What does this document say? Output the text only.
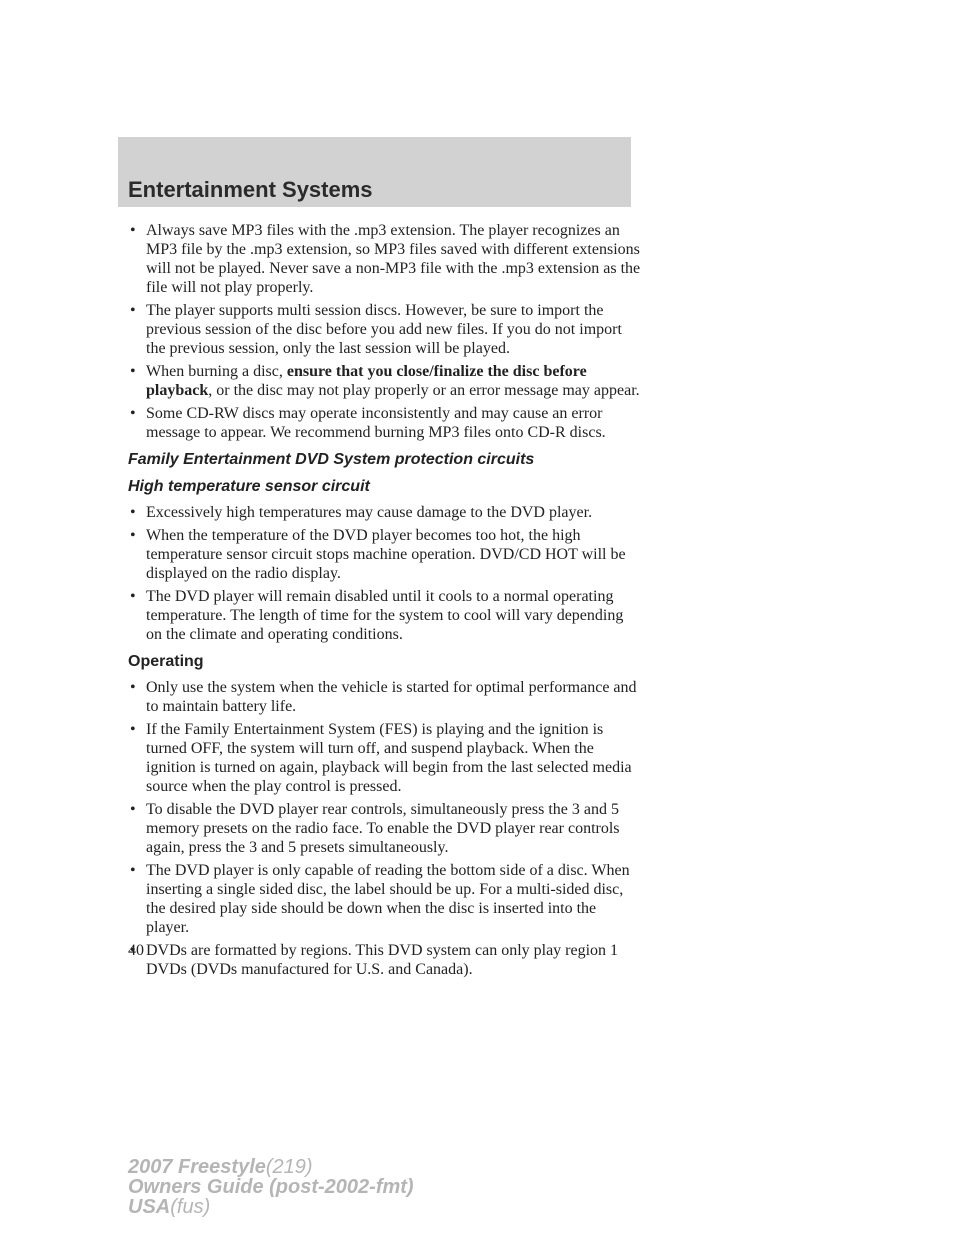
Entertainment Systems
• Always save MP3 files with the .mp3 extension. The player recognizes an MP3 file by the .mp3 extension, so MP3 files saved with different extensions will not be played. Never save a non-MP3 file with the .mp3 extension as the file will not play properly.
• The player supports multi session discs. However, be sure to import the previous session of the disc before you add new files. If you do not import the previous session, only the last session will be played.
• When burning a disc, ensure that you close/finalize the disc before playback, or the disc may not play properly or an error message may appear.
• Some CD-RW discs may operate inconsistently and may cause an error message to appear. We recommend burning MP3 files onto CD-R discs.
Family Entertainment DVD System protection circuits
High temperature sensor circuit
• Excessively high temperatures may cause damage to the DVD player.
• When the temperature of the DVD player becomes too hot, the high temperature sensor circuit stops machine operation. DVD/CD HOT will be displayed on the radio display.
• The DVD player will remain disabled until it cools to a normal operating temperature. The length of time for the system to cool will vary depending on the climate and operating conditions.
Operating
• Only use the system when the vehicle is started for optimal performance and to maintain battery life.
• If the Family Entertainment System (FES) is playing and the ignition is turned OFF, the system will turn off, and suspend playback. When the ignition is turned on again, playback will begin from the last selected media source when the play control is pressed.
• To disable the DVD player rear controls, simultaneously press the 3 and 5 memory presets on the radio face. To enable the DVD player rear controls again, press the 3 and 5 presets simultaneously.
• The DVD player is only capable of reading the bottom side of a disc. When inserting a single sided disc, the label should be up. For a multi-sided disc, the desired play side should be down when the disc is inserted into the player.
• DVDs are formatted by regions. This DVD system can only play region 1 DVDs (DVDs manufactured for U.S. and Canada).
40
2007 Freestyle(219)
Owners Guide (post-2002-fmt)
USA(fus)
